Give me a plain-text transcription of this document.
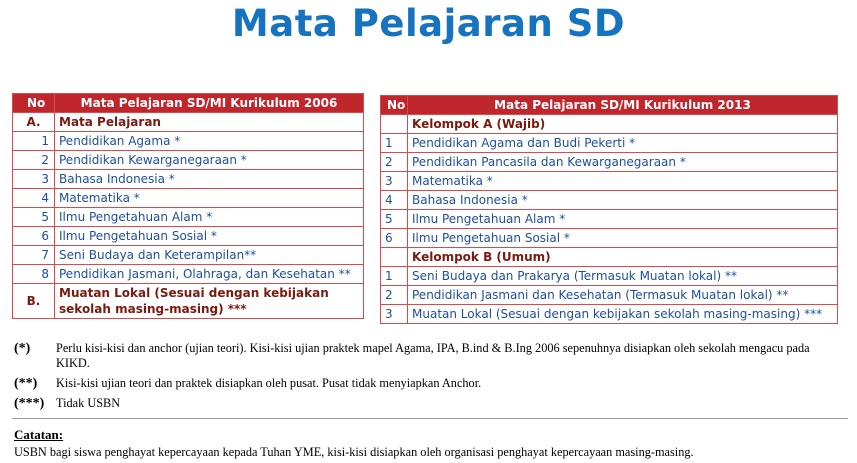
Mata Pelajaran SD
No	Mata Pelajaran SD/MI Kurikulum 2006
A.	Mata Pelajaran
1	Pendidikan Agama *
2	Pendidikan Kewarganegaraan *
3	Bahasa Indonesia *
4	Matematika *
5	Ilmu Pengetahuan Alam *
6	Ilmu Pengetahuan Sosial *
7	Seni Budaya dan Keterampilan**
8	Pendidikan Jasmani, Olahraga, dan Kesehatan **
B.	Muatan Lokal (Sesuai dengan kebijakan sekolah masing-masing) ***
No	Mata Pelajaran SD/MI Kurikulum 2013
	Kelompok A (Wajib)
1	Pendidikan Agama dan Budi Pekerti *
2	Pendidikan Pancasila dan Kewarganegaraan *
3	Matematika *
4	Bahasa Indonesia *
5	Ilmu Pengetahuan Alam *
6	Ilmu Pengetahuan Sosial *
	Kelompok B (Umum)
1	Seni Budaya dan Prakarya (Termasuk Muatan lokal) **
2	Pendidikan Jasmani dan Kesehatan (Termasuk Muatan lokal) **
3	Muatan Lokal (Sesuai dengan kebijakan sekolah masing-masing) ***
(*) Perlu kisi-kisi dan anchor (ujian teori). Kisi-kisi ujian praktek mapel Agama, IPA, B.ind & B.Ing 2006 sepenuhnya disiapkan oleh sekolah mengacu pada KIKD.
(**) Kisi-kisi ujian teori dan praktek disiapkan oleh pusat. Pusat tidak menyiapkan Anchor.
(***) Tidak USBN
Catatan:
USBN bagi siswa penghayat kepercayaan kepada Tuhan YME, kisi-kisi disiapkan oleh organisasi penghayat kepercayaan masing-masing.
